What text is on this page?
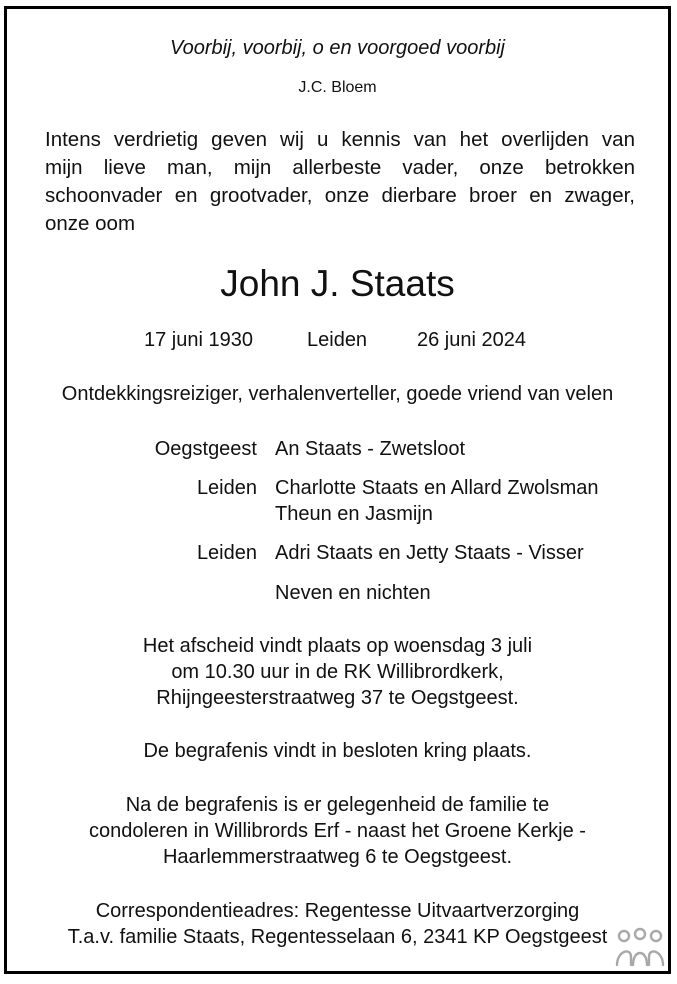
Voorbij, voorbij, o en voorgoed voorbij
J.C. Bloem
Intens verdrietig geven wij u kennis van het overlijden van
mijn lieve man, mijn allerbeste vader, onze betrokken
schoonvader en grootvader, onze dierbare broer en zwager,
onze oom
John J. Staats
17 juni 1930	Leiden 26 juni 2024
Ontdekkingsreiziger, verhalenverteller, goede vriend van velen
Oegstgeest An Staats - Zwetsloot
Leiden Charlotte Staats en Allard Zwolsman
Theun en Jasmijn
Leiden Adri Staats en Jetty Staats - Visser
Neven en nichten
Het afscheid vindt plaats op woensdag 3 juli
om 10.30 uur in de RK Willibrordkerk,
Rhijngeesterstraatweg 37 te Oegstgeest.
De begrafenis vindt in besloten kring plaats.
Na de begrafenis is er gelegenheid de familie te
condoleren in Willibrords Erf - naast het Groene Kerkje -
Haarlemmerstraatweg 6 te Oegstgeest.
Correspondentieadres: Regentesse Uitvaartverzorging
T.a.v. familie Staats, Regentesselaan 6, 2341 KP Oegstgeest
